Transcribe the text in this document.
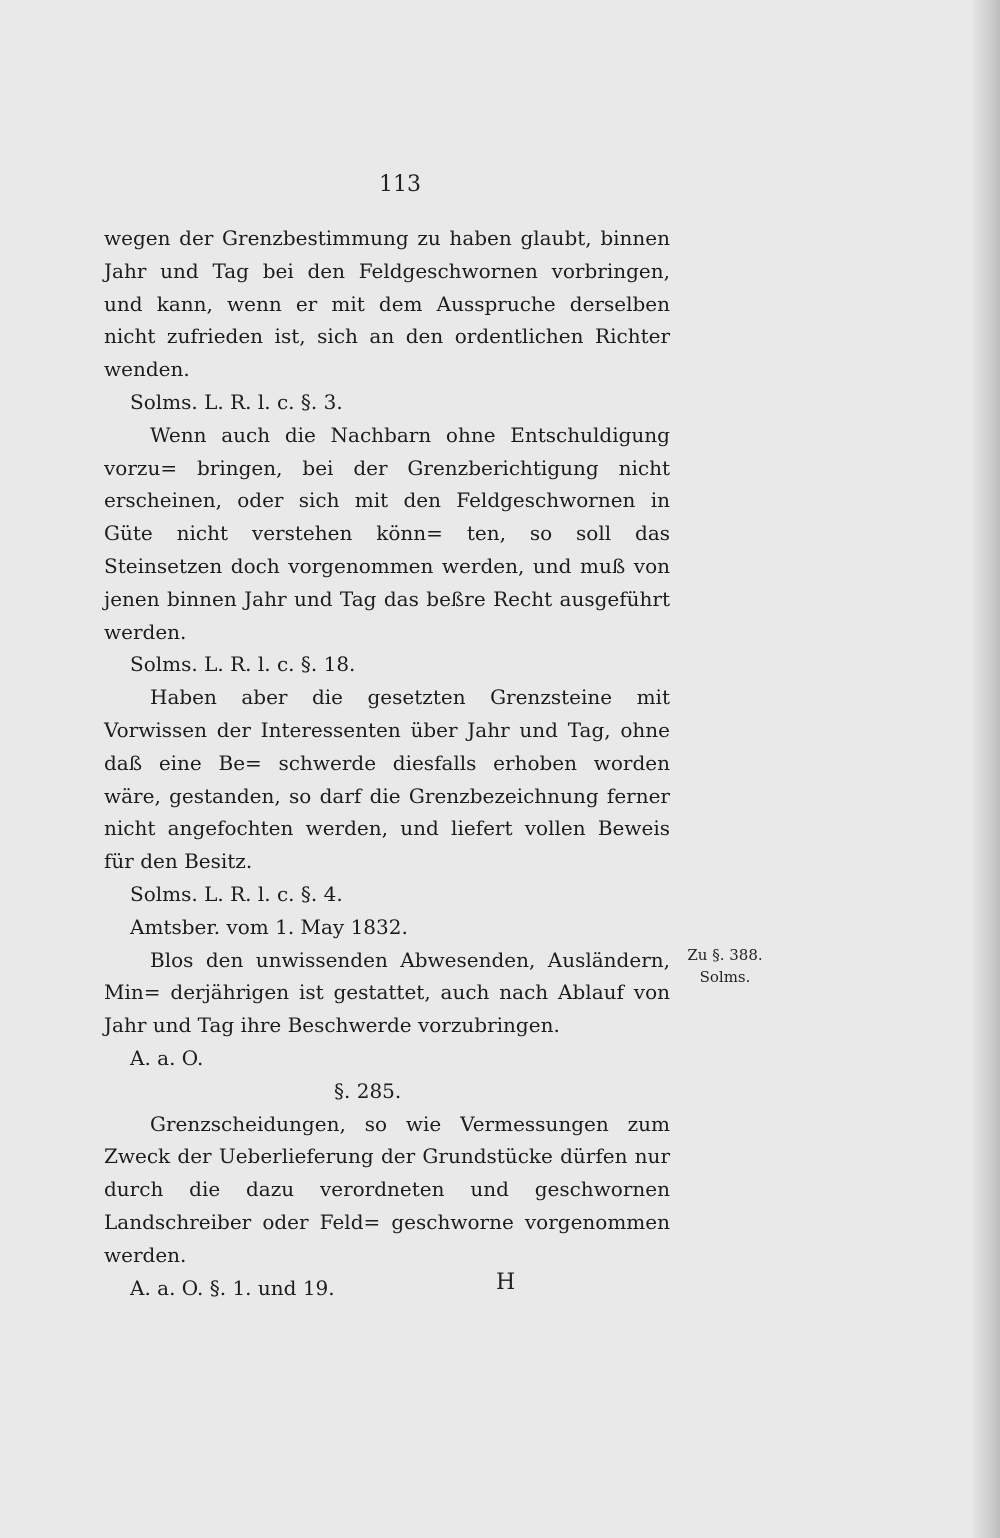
113

wegen der Grenzbestimmung zu haben glaubt, binnen Jahr und Tag bei den Feldgeschwornen vorbringen, und kann, wenn er mit dem Ausspruche derselben nicht zufrieden ist, sich an den ordentlichen Richter wenden.

Solms. L. R. l. c. §. 3.

Wenn auch die Nachbarn ohne Entschuldigung vorzu= bringen, bei der Grenzberichtigung nicht erscheinen, oder sich mit den Feldgeschwornen in Güte nicht verstehen könn= ten, so soll das Steinsetzen doch vorgenommen werden, und muß von jenen binnen Jahr und Tag das beßre Recht ausgeführt werden.

Solms. L. R. l. c. §. 18.

Haben aber die gesetzten Grenzsteine mit Vorwissen der Interessenten über Jahr und Tag, ohne daß eine Be= schwerde diesfalls erhoben worden wäre, gestanden, so darf die Grenzbezeichnung ferner nicht angefochten werden, und liefert vollen Beweis für den Besitz.

Solms. L. R. l. c. §. 4.

Amtsber. vom 1. May 1832.

Blos den unwissenden Abwesenden, Ausländern, Min= derjährigen ist gestattet, auch nach Ablauf von Jahr und Tag ihre Beschwerde vorzubringen.

A. a. O.

§. 285.

Grenzscheidungen, so wie Vermessungen zum Zweck der Ueberlieferung der Grundstücke dürfen nur durch die dazu verordneten und geschwornen Landschreiber oder Feld= geschworne vorgenommen werden.

A. a. O. §. 1. und 19.

Zu §. 388.
Solms.
H
